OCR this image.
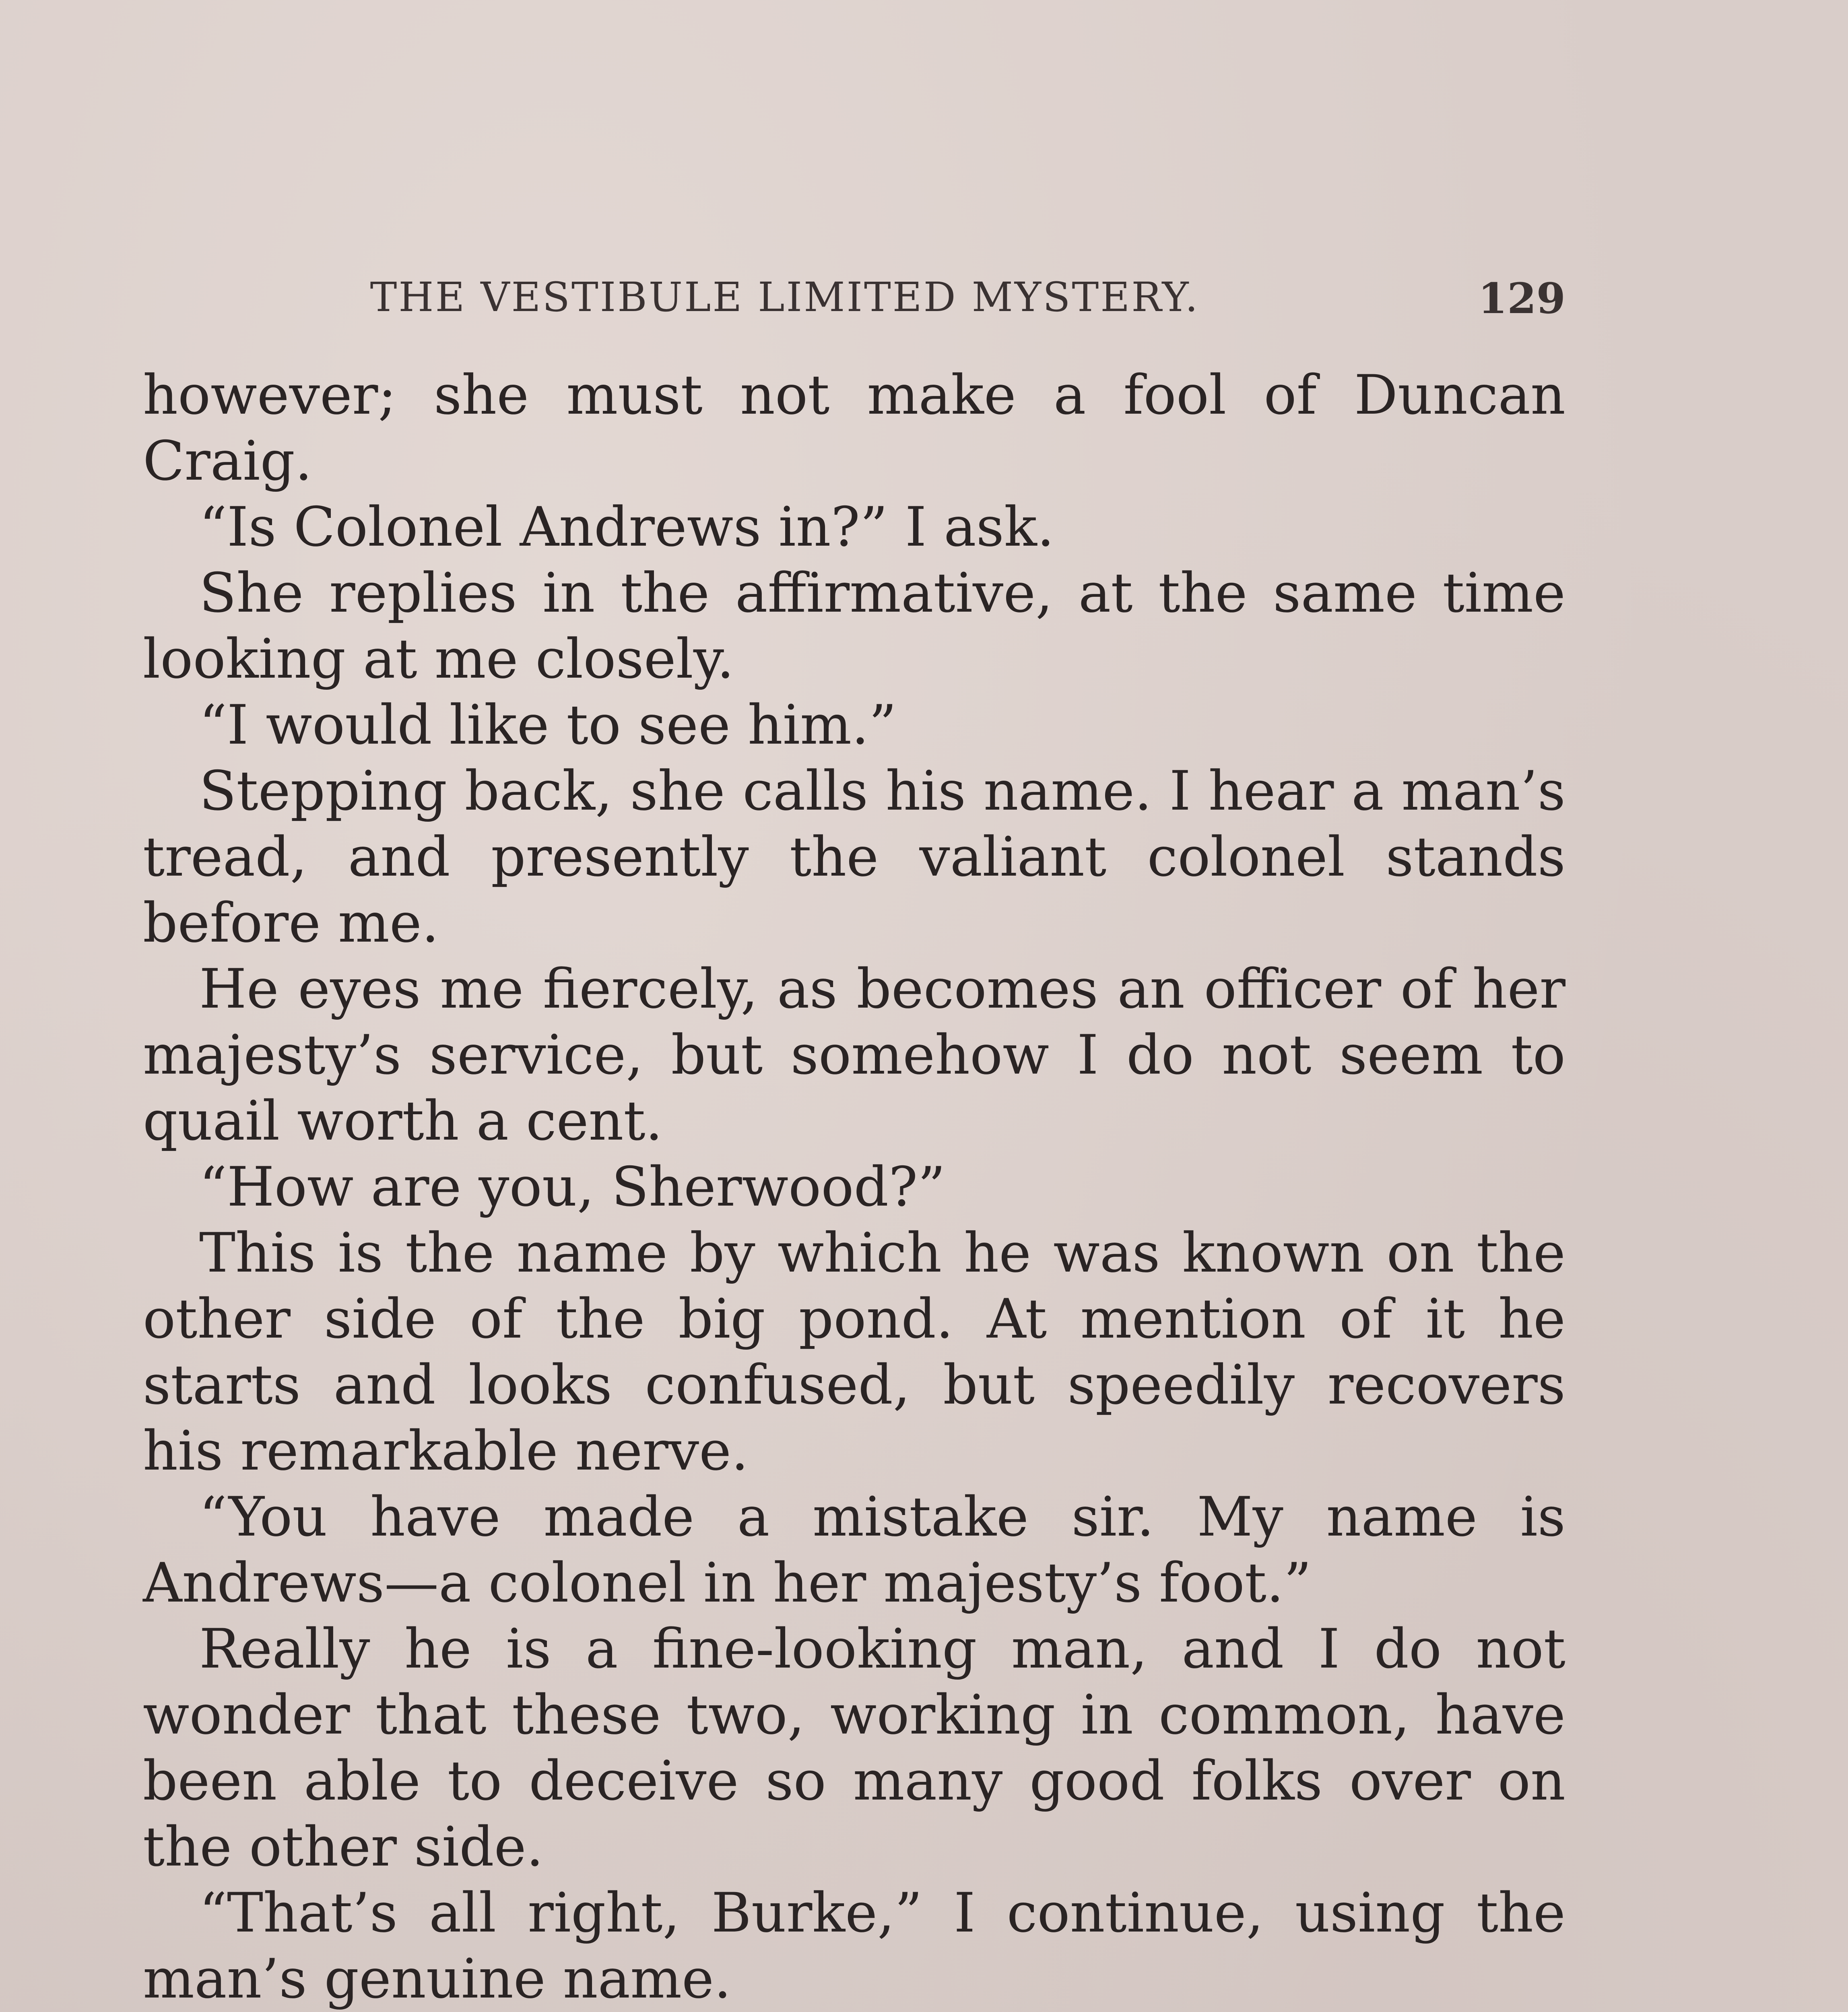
THE VESTIBULE LIMITED MYSTERY.	129

however; she must not make a fool of Duncan Craig.

“Is Colonel Andrews in?” I ask.

She replies in the affirmative, at the same time looking at me closely.

“I would like to see him.”

Stepping back, she calls his name. I hear a man’s tread, and presently the valiant colonel stands before me.

He eyes me fiercely, as becomes an officer of her majesty’s service, but somehow I do not seem to quail worth a cent.

“How are you, Sherwood?”

This is the name by which he was known on the other side of the big pond. At mention of it he starts and looks confused, but speedily recovers his remarkable nerve.

“You have made a mistake sir. My name is Andrews—a colonel in her majesty’s foot.”

Really he is a fine-looking man, and I do not wonder that these two, working in common, have been able to deceive so many good folks over on the other side.

“That’s all right, Burke,” I continue, using the man’s genuine name.
